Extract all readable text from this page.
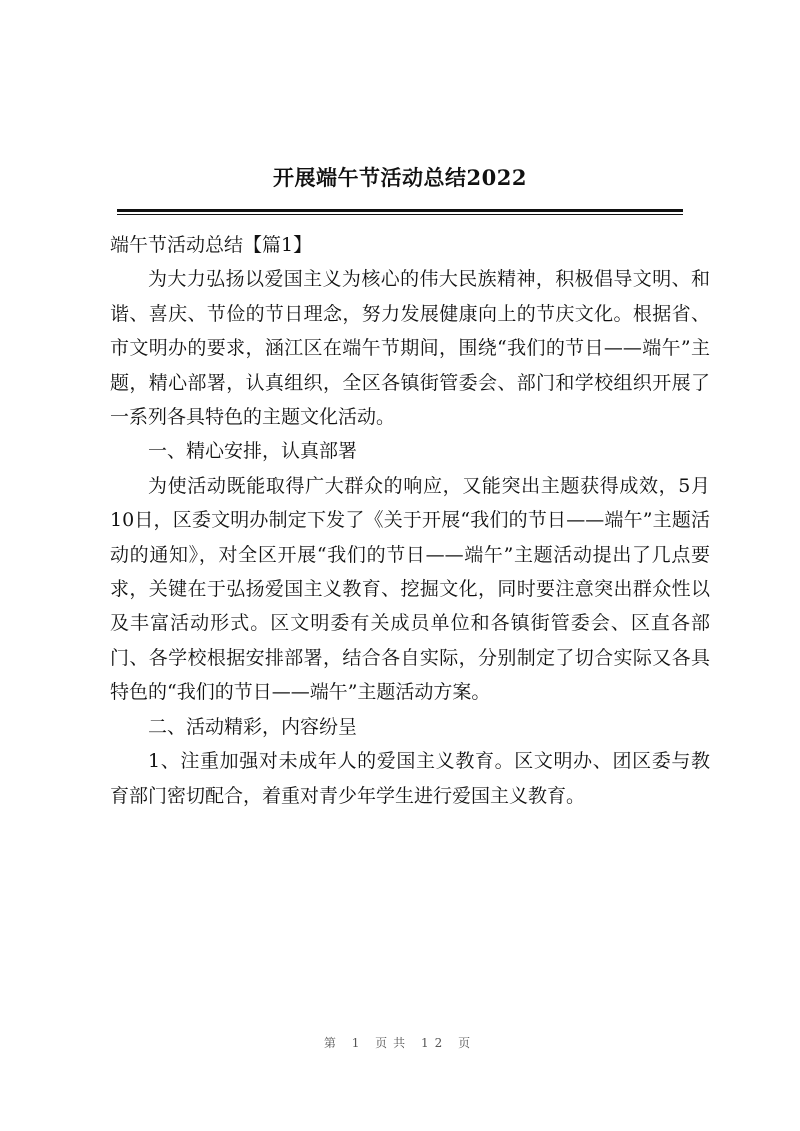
开展端午节活动总结2022

端午节活动总结【篇1】

为大力弘扬以爱国主义为核心的伟大民族精神，积极倡导文明、和谐、喜庆、节俭的节日理念，努力发展健康向上的节庆文化。根据省、市文明办的要求，涵江区在端午节期间，围绕“我们的节日——端午”主题，精心部署，认真组织，全区各镇街管委会、部门和学校组织开展了一系列各具特色的主题文化活动。

一、精心安排，认真部署

为使活动既能取得广大群众的响应，又能突出主题获得成效，5月10日，区委文明办制定下发了《关于开展“我们的节日——端午”主题活动的通知》，对全区开展“我们的节日——端午”主题活动提出了几点要求，关键在于弘扬爱国主义教育、挖掘文化，同时要注意突出群众性以及丰富活动形式。区文明委有关成员单位和各镇街管委会、区直各部门、各学校根据安排部署，结合各自实际，分别制定了切合实际又各具特色的“我们的节日——端午”主题活动方案。

二、活动精彩，内容纷呈

1、注重加强对未成年人的爱国主义教育。区文明办、团区委与教育部门密切配合，着重对青少年学生进行爱国主义教育。

第 1 页共 12 页
